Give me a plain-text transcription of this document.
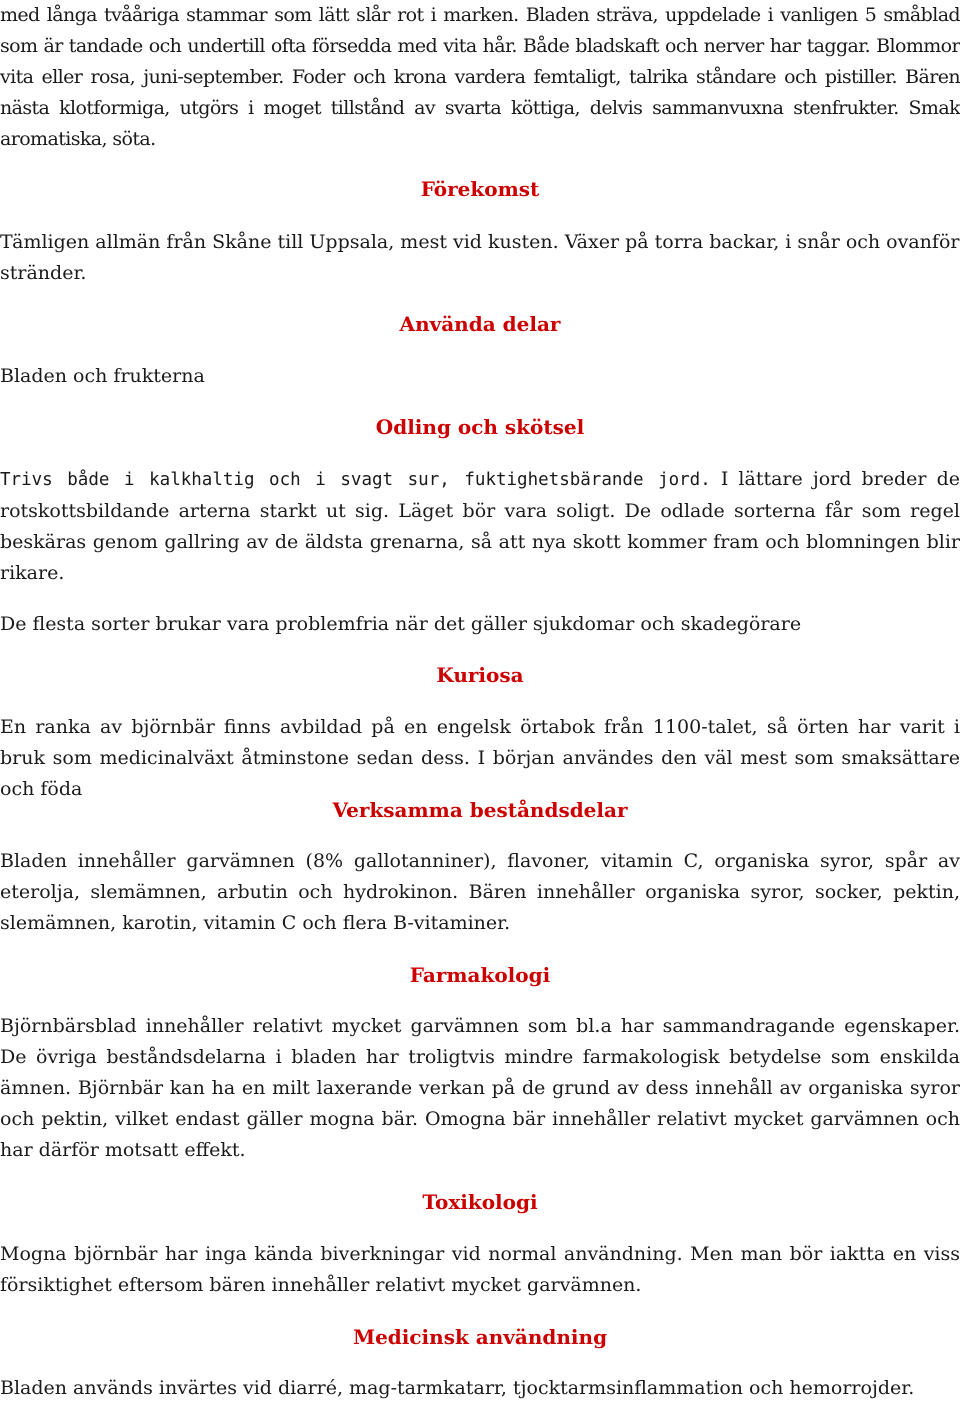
med långa tvååriga stammar som lätt slår rot i marken. Bladen sträva, uppdelade i vanligen 5 småblad som är tandade och undertill ofta försedda med vita hår. Både bladskaft och nerver har taggar. Blommor vita eller rosa, juni-september. Foder och krona vardera femtaligt, talrika ståndare och pistiller. Bären nästa klotformiga, utgörs i moget tillstånd av svarta köttiga, delvis sammanvuxna stenfrukter. Smak aromatiska, söta.

Förekomst

Tämligen allmän från Skåne till Uppsala, mest vid kusten. Växer på torra backar, i snår och ovanför stränder.

Använda delar

Bladen och frukterna

Odling och skötsel

Trivs både i kalkhaltig och i svagt sur, fuktighetsbärande jord. I lättare jord breder de rotskottsbildande arterna starkt ut sig. Läget bör vara soligt. De odlade sorterna får som regel beskäras genom gallring av de äldsta grenarna, så att nya skott kommer fram och blomningen blir rikare.

De flesta sorter brukar vara problemfria när det gäller sjukdomar och skadegörare

Kuriosa

En ranka av björnbär finns avbildad på en engelsk örtabok från 1100-talet, så örten har varit i bruk som medicinalväxt åtminstone sedan dess. I början användes den väl mest som smaksättare och föda

Verksamma beståndsdelar

Bladen innehåller garvämnen (8% gallotanniner), flavoner, vitamin C, organiska syror, spår av eterolja, slemämnen, arbutin och hydrokinon. Bären innehåller organiska syror, socker, pektin, slemämnen, karotin, vitamin C och flera B-vitaminer.

Farmakologi

Björnbärsblad innehåller relativt mycket garvämnen som bl.a har sammandragande egenskaper. De övriga beståndsdelarna i bladen har troligtvis mindre farmakologisk betydelse som enskilda ämnen. Björnbär kan ha en milt laxerande verkan på de grund av dess innehåll av organiska syror och pektin, vilket endast gäller mogna bär. Omogna bär innehåller relativt mycket garvämnen och har därför motsatt effekt.

Toxikologi

Mogna björnbär har inga kända biverkningar vid normal användning. Men man bör iaktta en viss försiktighet eftersom bären innehåller relativt mycket garvämnen.

Medicinsk användning

Bladen används invärtes vid diarré, mag-tarmkatarr, tjocktarmsinflammation och hemorrojder.
